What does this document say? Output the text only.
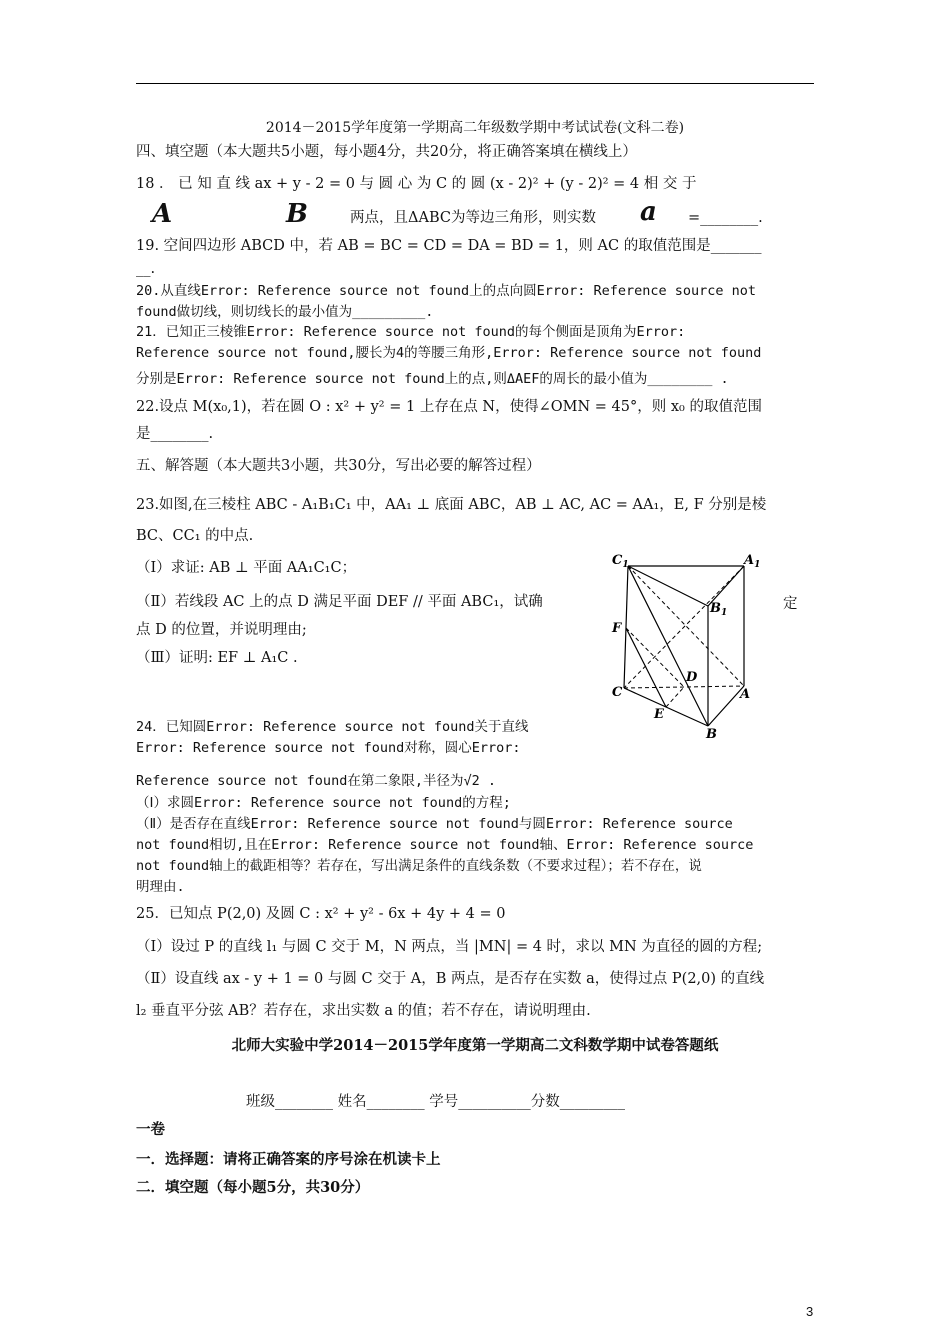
2014－2015学年度第一学期高二年级数学期中考试试卷(文科二卷)
四、填空题（本大题共5小题，每小题4分，共20分，将正确答案填在横线上）
18 ． 已 知 直 线 ax + y - 2 = 0 与 圆 心 为 C 的 圆 (x - 2)² + (y - 2)² = 4 相 交 于
A	B	两点，且ΔABC为等边三角形，则实数 a =________.
19. 空间四边形 ABCD 中，若 AB = BC = CD = DA = BD = 1，则 AC 的取值范围是_______
__.
20.从直线Error: Reference source not found上的点向圆Error: Reference source not
found做切线，则切线长的最小值为_________.
21．已知正三棱锥Error: Reference source not found的每个侧面是顶角为Error:
Reference source not found,腰长为4的等腰三角形,Error: Reference source not found
分别是Error: Reference source not found上的点,则ΔAEF的周长的最小值为________ .
22.设点 M(x₀,1)，若在圆 O : x² + y² = 1 上存在点 N，使得∠OMN = 45°，则 x₀ 的取值范围
是________.
五、解答题（本大题共3小题，共30分，写出必要的解答过程）
23.如图,在三棱柱 ABC - A₁B₁C₁ 中，AA₁ ⊥ 底面 ABC，AB ⊥ AC, AC = AA₁，E, F 分别是棱
BC、CC₁ 的中点.
（Ⅰ）求证: AB ⊥ 平面 AA₁C₁C；
（Ⅱ）若线段 AC 上的点 D 满足平面 DEF // 平面 ABC₁，试确	定
点 D 的位置，并说明理由;
（Ⅲ）证明: EF ⊥ A₁C .
$C_1$	$A_1$
$B_1$
F
D
C	A
E
B
24．已知圆Error: Reference source not found关于直线
Error: Reference source not found对称，圆心Error:
Reference source not found在第二象限,半径为√2 .
（Ⅰ）求圆Error: Reference source not found的方程;
（Ⅱ）是否存在直线Error: Reference source not found与圆Error: Reference source
not found相切,且在Error: Reference source not found轴、Error: Reference source
not found轴上的截距相等？若存在，写出满足条件的直线条数（不要求过程）；若不存在，说
明理由.
25．已知点 P(2,0) 及圆 C : x² + y² - 6x + 4y + 4 = 0
（Ⅰ）设过 P 的直线 l₁ 与圆 C 交于 M，N 两点，当 |MN| = 4 时，求以 MN 为直径的圆的方程;
（Ⅱ）设直线 ax - y + 1 = 0 与圆 C 交于 A，B 两点，是否存在实数 a，使得过点 P(2,0) 的直线
l₂ 垂直平分弦 AB？若存在，求出实数 a 的值；若不存在，请说明理由.
北师大实验中学2014－2015学年度第一学期高二文科数学期中试卷答题纸
班级________ 姓名________ 学号__________分数_________
一卷
一．选择题：请将正确答案的序号涂在机读卡上
二．填空题（每小题5分，共30分）
3
